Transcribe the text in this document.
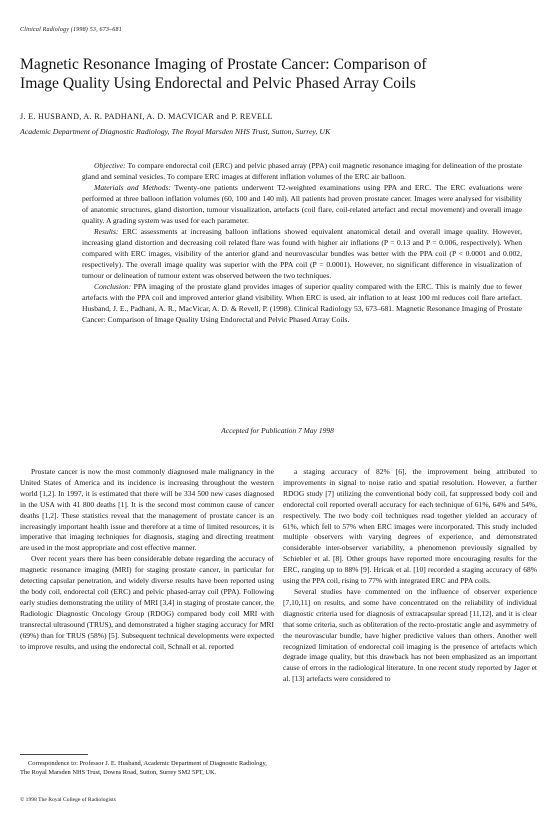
Clinical Radiology (1998) 53, 673–681
Magnetic Resonance Imaging of Prostate Cancer: Comparison of
Image Quality Using Endorectal and Pelvic Phased Array Coils
J. E. HUSBAND, A. R. PADHANI, A. D. MACVICAR and P. REVELL
Academic Department of Diagnostic Radiology, The Royal Marsden NHS Trust, Sutton, Surrey, UK

Objective: To compare endorectal coil (ERC) and pelvic phased array (PPA) coil magnetic resonance imaging for delineation of the prostate gland and seminal vesicles. To compare ERC images at different inflation volumes of the ERC air balloon.

Materials and Methods: Twenty-one patients underwent T2-weighted examinations using PPA and ERC. The ERC evaluations were performed at three balloon inflation volumes (60, 100 and 140 ml). All patients had proven prostate cancer. Images were analysed for visibility of anatomic structures, gland distortion, tumour visualization, artefacts (coil flare, coil-related artefact and rectal movement) and overall image quality. A grading system was used for each parameter.

Results: ERC assessments at increasing balloon inflations showed equivalent anatomical detail and overall image quality. However, increasing gland distortion and decreasing coil related flare was found with higher air inflations (P = 0.13 and P = 0.006, respectively). When compared with ERC images, visibility of the anterior gland and neurovascular bundles was better with the PPA coil (P < 0.0001 and 0.002, respectively). The overall image quality was superior with the PPA coil (P = 0.0001). However, no significant difference in visualization of tumour or delineation of tumour extent was observed between the two techniques.

Conclusion: PPA imaging of the prostate gland provides images of superior quality compared with the ERC. This is mainly due to fewer artefacts with the PPA coil and improved anterior gland visibility. When ERC is used, air inflation to at least 100 ml reduces coil flare artefact. Husband, J. E., Padhani, A. R., MacVicar, A. D. & Revell, P. (1998). Clinical Radiology 53, 673–681. Magnetic Resonance Imaging of Prostate Cancer: Comparison of Image Quality Using Endorectal and Pelvic Phased Array Coils.

Accepted for Publication 7 May 1998

Prostate cancer is now the most commonly diagnosed male malignancy in the United States of America and its incidence is increasing throughout the western world [1,2]. In 1997, it is estimated that there will be 334 500 new cases diagnosed in the USA with 41 800 deaths [1]. It is the second most common cause of cancer deaths [1,2]. These statistics reveal that the management of prostate cancer is an increasingly important health issue and therefore at a time of limited resources, it is imperative that imaging techniques for diagnosis, staging and directing treatment are used in the most appropriate and cost effective manner.

Over recent years there has been considerable debate regarding the accuracy of magnetic resonance imaging (MRI) for staging prostate cancer, in particular for detecting capsular penetration, and widely diverse results have been reported using the body coil, endorectal coil (ERC) and pelvic phased-array coil (PPA). Following early studies demonstrating the utility of MRI [3,4] in staging of prostate cancer, the Radiologic Diagnostic Oncology Group (RDOG) compared body coil MRI with transrectal ultrasound (TRUS), and demonstrated a higher staging accuracy for MRI (69%) than for TRUS (58%) [5]. Subsequent technical developments were expected to improve results, and using the endorectal coil, Schnall et al. reported

a staging accuracy of 82% [6], the improvement being attributed to improvements in signal to noise ratio and spatial resolution. However, a further RDOG study [7] utilizing the conventional body coil, fat suppressed body coil and endorectal coil reported overall accuracy for each technique of 61%, 64% and 54%, respectively. The two body coil techniques read together yielded an accuracy of 61%, which fell to 57% when ERC images were incorporated. This study included multiple observers with varying degrees of experience, and demonstrated considerable inter-observer variability, a phenomenon previously signalled by Schiebler et al. [8]. Other groups have reported more encouraging results for the ERC, ranging up to 88% [9]. Hricak et al. [10] recorded a staging accuracy of 68% using the PPA coil, rising to 77% with integrated ERC and PPA coils.

Several studies have commented on the influence of observer experience [7,10,11] on results, and some have concentrated on the reliability of individual diagnostic criteria used for diagnosis of extracapsular spread [11,12], and it is clear that some criteria, such as obliteration of the recto-prostatic angle and asymmetry of the neurovascular bundle, have higher predictive values than others. Another well recognized limitation of endorectal coil imaging is the presence of artefacts which degrade image quality, but this drawback has not been emphasized as an important cause of errors in the radiological literature. In one recent study reported by Jager et al. [13] artefacts were considered to

Correspondence to: Professor J. E. Husband, Academic Department of Diagnostic Radiology, The Royal Marsden NHS Trust, Downs Road, Sutton, Surrey SM2 5PT, UK.

© 1998 The Royal College of Radiologists
